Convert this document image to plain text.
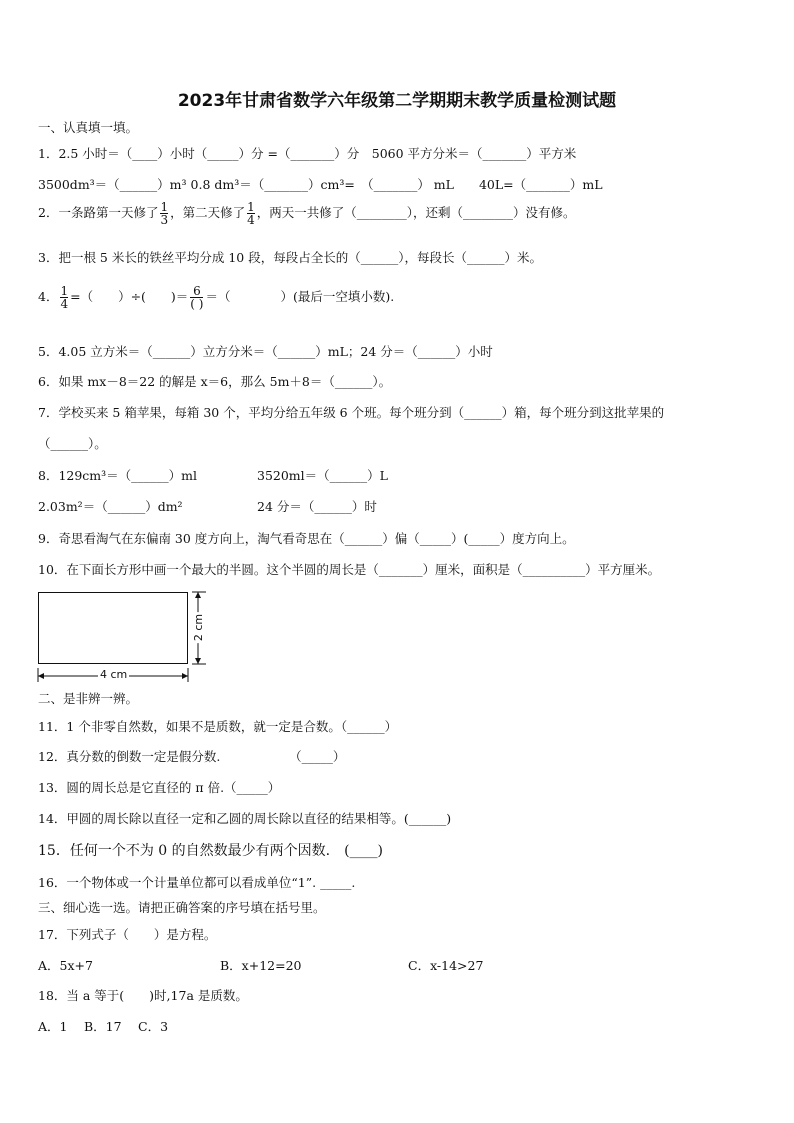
2023年甘肃省数学六年级第二学期期末教学质量检测试题
一、认真填一填。
1．2.5 小时＝（____）小时（_____）分 =（_______）分　5060 平方分米＝（_______）平方米
3500dm³＝（______）m³ 0.8 dm³＝（_______）cm³=　（_______） mL　　40L=（_______）mL
2．一条路第一天修了 $\frac{1}{3}$ ，第二天修了 $\frac{1}{4}$ ，两天一共修了（________），还剩（________）没有修。
3．把一根 5 米长的铁丝平均分成 10 段，每段占全长的（______），每段长（______）米。
4． $\frac{1}{4}$ =（　　）÷(　　)＝ $\frac{6}{( )}$ ＝（　　　　）(最后一空填小数).
5．4.05 立方米＝（______）立方分米＝（______）mL；24 分＝（______）小时
6．如果 mx－8＝22 的解是 x＝6，那么 5m＋8＝（______）。
7．学校买来 5 箱苹果，每箱 30 个，平均分给五年级 6 个班。每个班分到（______）箱，每个班分到这批苹果的
（______）。
8．129cm³＝（______）ml	3520ml＝（______）L
2.03m²＝（______）dm²	24 分＝（______）时
9．奇思看淘气在东偏南 30 度方向上，淘气看奇思在（______）偏（_____）(_____）度方向上。
10．在下面长方形中画一个最大的半圆。这个半圆的周长是（_______）厘米，面积是（__________）平方厘米。
4 cm
2 cm
二、是非辨一辨。
11．1 个非零自然数，如果不是质数，就一定是合数。（______）
12．真分数的倒数一定是假分数.　　　　　　（_____）
13．圆的周长总是它直径的 π 倍.（_____）
14．甲圆的周长除以直径一定和乙圆的周长除以直径的结果相等。(______)
15．任何一个不为 0 的自然数最少有两个因数.　(____)
16．一个物体或一个计量单位都可以看成单位“1”. _____.
三、细心选一选。请把正确答案的序号填在括号里。
17．下列式子（　　）是方程。
A．5x+7	B．x+12=20	C．x-14>27
18．当 a 等于(　　)时,17a 是质数。
A．1　 B．17　 C．3
